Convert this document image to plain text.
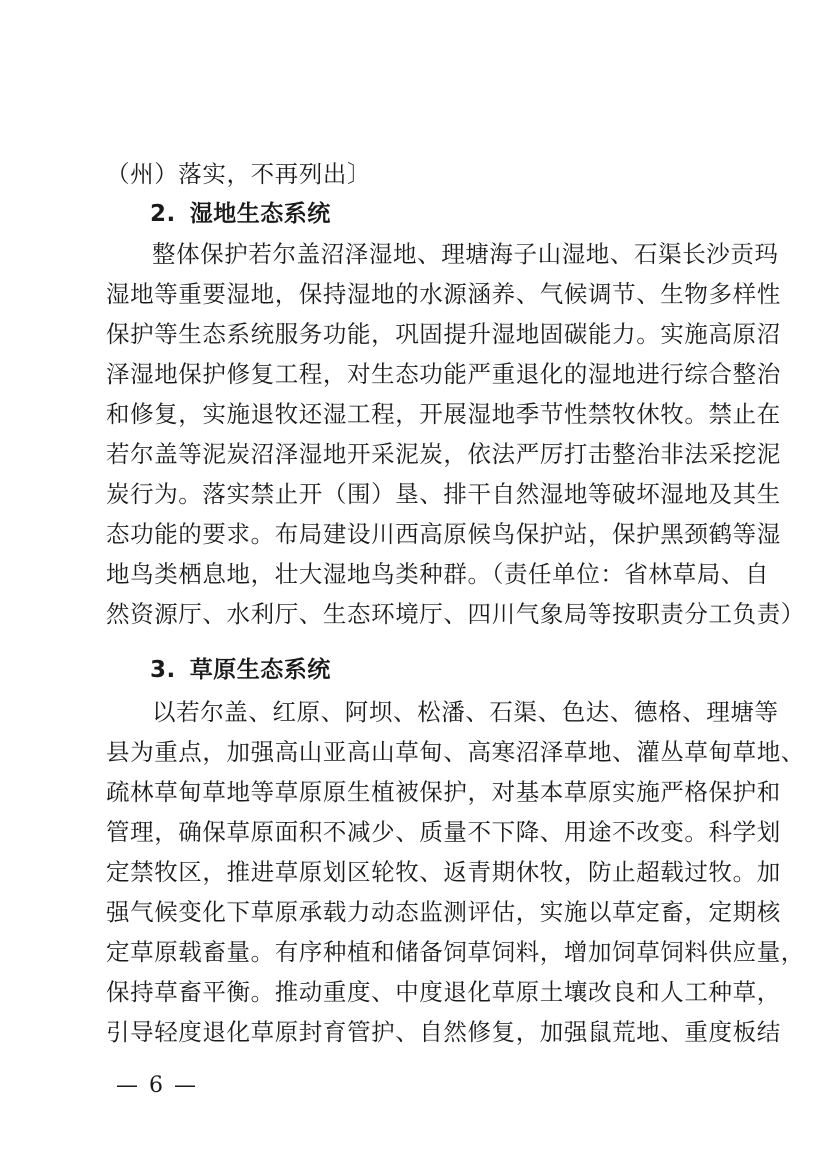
（州）落实，不再列出〕
2. 湿地生态系统
整体保护若尔盖沼泽湿地、理塘海子山湿地、石渠长沙贡玛
湿地等重要湿地，保持湿地的水源涵养、气候调节、生物多样性
保护等生态系统服务功能，巩固提升湿地固碳能力。实施高原沼
泽湿地保护修复工程，对生态功能严重退化的湿地进行综合整治
和修复，实施退牧还湿工程，开展湿地季节性禁牧休牧。禁止在
若尔盖等泥炭沼泽湿地开采泥炭，依法严厉打击整治非法采挖泥
炭行为。落实禁止开（围）垦、排干自然湿地等破坏湿地及其生
态功能的要求。布局建设川西高原候鸟保护站，保护黑颈鹤等湿
地鸟类栖息地，壮大湿地鸟类种群。（责任单位：省林草局、自
然资源厅、水利厅、生态环境厅、四川气象局等按职责分工负责）
3. 草原生态系统
以若尔盖、红原、阿坝、松潘、石渠、色达、德格、理塘等
县为重点，加强高山亚高山草甸、高寒沼泽草地、灌丛草甸草地、
疏林草甸草地等草原原生植被保护，对基本草原实施严格保护和
管理，确保草原面积不减少、质量不下降、用途不改变。科学划
定禁牧区，推进草原划区轮牧、返青期休牧，防止超载过牧。加
强气候变化下草原承载力动态监测评估，实施以草定畜，定期核
定草原载畜量。有序种植和储备饲草饲料，增加饲草饲料供应量，
保持草畜平衡。推动重度、中度退化草原土壤改良和人工种草，
引导轻度退化草原封育管护、自然修复，加强鼠荒地、重度板结
— 6 —
